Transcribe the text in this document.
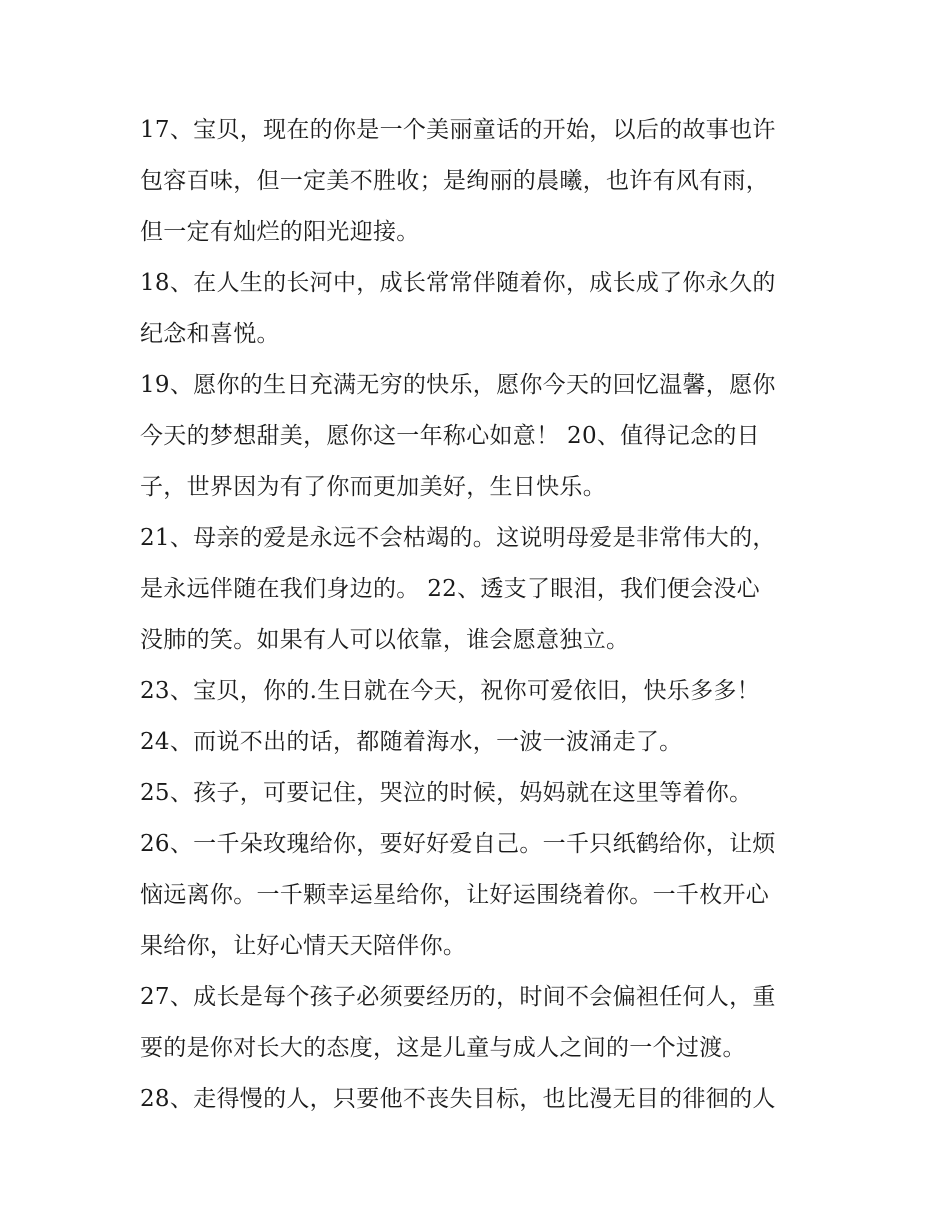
17、宝贝，现在的你是一个美丽童话的开始，以后的故事也许
包容百味，但一定美不胜收；是绚丽的晨曦，也许有风有雨，
但一定有灿烂的阳光迎接。
18、在人生的长河中，成长常常伴随着你，成长成了你永久的
纪念和喜悦。
19、愿你的生日充满无穷的快乐，愿你今天的回忆温馨，愿你
今天的梦想甜美，愿你这一年称心如意！ 20、值得记念的日
子，世界因为有了你而更加美好，生日快乐。
21、母亲的爱是永远不会枯竭的。这说明母爱是非常伟大的，
是永远伴随在我们身边的。 22、透支了眼泪，我们便会没心
没肺的笑。如果有人可以依靠，谁会愿意独立。
23、宝贝，你的.生日就在今天，祝你可爱依旧，快乐多多！
24、而说不出的话，都随着海水，一波一波涌走了。
25、孩子，可要记住，哭泣的时候，妈妈就在这里等着你。
26、一千朵玫瑰给你，要好好爱自己。一千只纸鹤给你，让烦
恼远离你。一千颗幸运星给你，让好运围绕着你。一千枚开心
果给你，让好心情天天陪伴你。
27、成长是每个孩子必须要经历的，时间不会偏袒任何人，重
要的是你对长大的态度，这是儿童与成人之间的一个过渡。
28、走得慢的人，只要他不丧失目标，也比漫无目的徘徊的人
